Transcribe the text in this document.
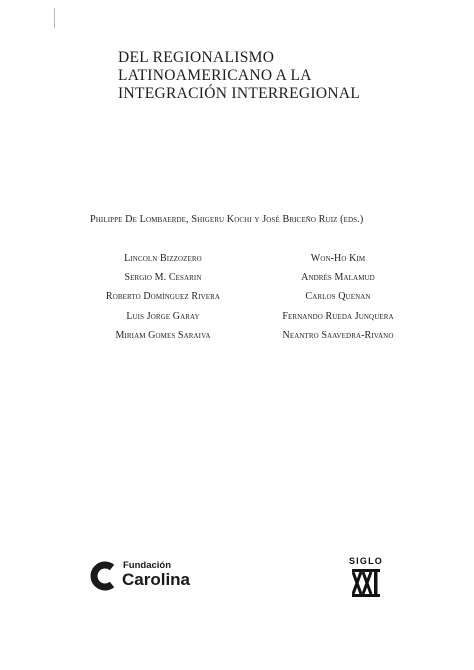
DEL REGIONALISMO
LATINOAMERICANO A LA
INTEGRACIÓN INTERREGIONAL
Philippe De Lombaerde, Shigeru Kochi y José Briceño Ruiz (eds.)
Lincoln Bizzozero
Sergio M. Cesarin
Roberto Domínguez Rivera
Luis Jorge Garay
Miriam Gomes Saraiva
Won-Ho Kim
Andrés Malamud
Carlos Quenan
Fernando Rueda Junquera
Neantro Saavedra-Rivano
Fundación
Carolina
SIGLO
